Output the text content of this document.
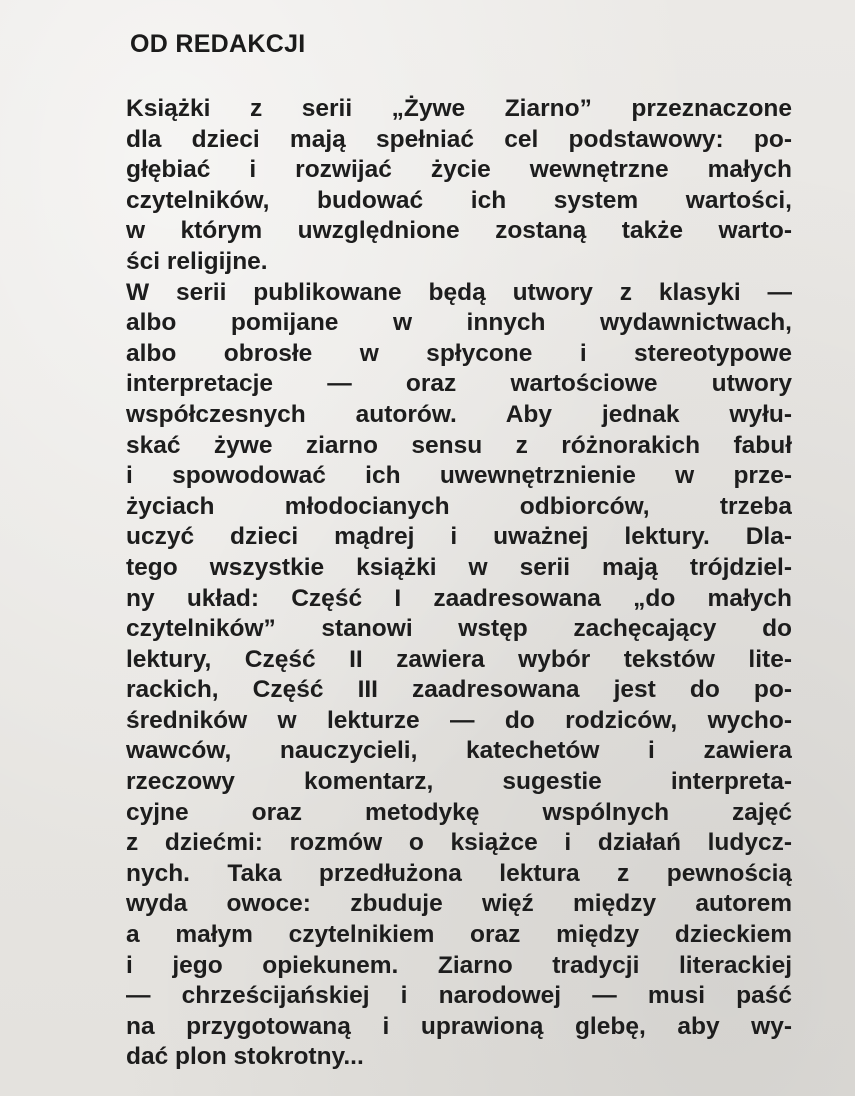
OD REDAKCJI
Książki z serii „Żywe Ziarno” przeznaczone
dla dzieci mają spełniać cel podstawowy: po-
głębiać i rozwijać życie wewnętrzne małych
czytelników, budować ich system wartości,
w którym uwzględnione zostaną także warto-
ści religijne.
W serii publikowane będą utwory z klasyki —
albo pomijane w innych wydawnictwach,
albo obrosłe w spłycone i stereotypowe
interpretacje — oraz wartościowe utwory
współczesnych autorów. Aby jednak wyłu-
skać żywe ziarno sensu z różnorakich fabuł
i spowodować ich uwewnętrznienie w prze-
życiach młodocianych odbiorców, trzeba
uczyć dzieci mądrej i uważnej lektury. Dla-
tego wszystkie książki w serii mają trójdziel-
ny układ: Część I zaadresowana „do małych
czytelników” stanowi wstęp zachęcający do
lektury, Część II zawiera wybór tekstów lite-
rackich, Część III zaadresowana jest do po-
średników w lekturze — do rodziców, wycho-
wawców, nauczycieli, katechetów i zawiera
rzeczowy komentarz, sugestie interpreta-
cyjne oraz metodykę wspólnych zajęć
z dziećmi: rozmów o książce i działań ludycz-
nych. Taka przedłużona lektura z pewnością
wyda owoce: zbuduje więź między autorem
a małym czytelnikiem oraz między dzieckiem
i jego opiekunem. Ziarno tradycji literackiej
— chrześcijańskiej i narodowej — musi paść
na przygotowaną i uprawioną glebę, aby wy-
dać plon stokrotny...
